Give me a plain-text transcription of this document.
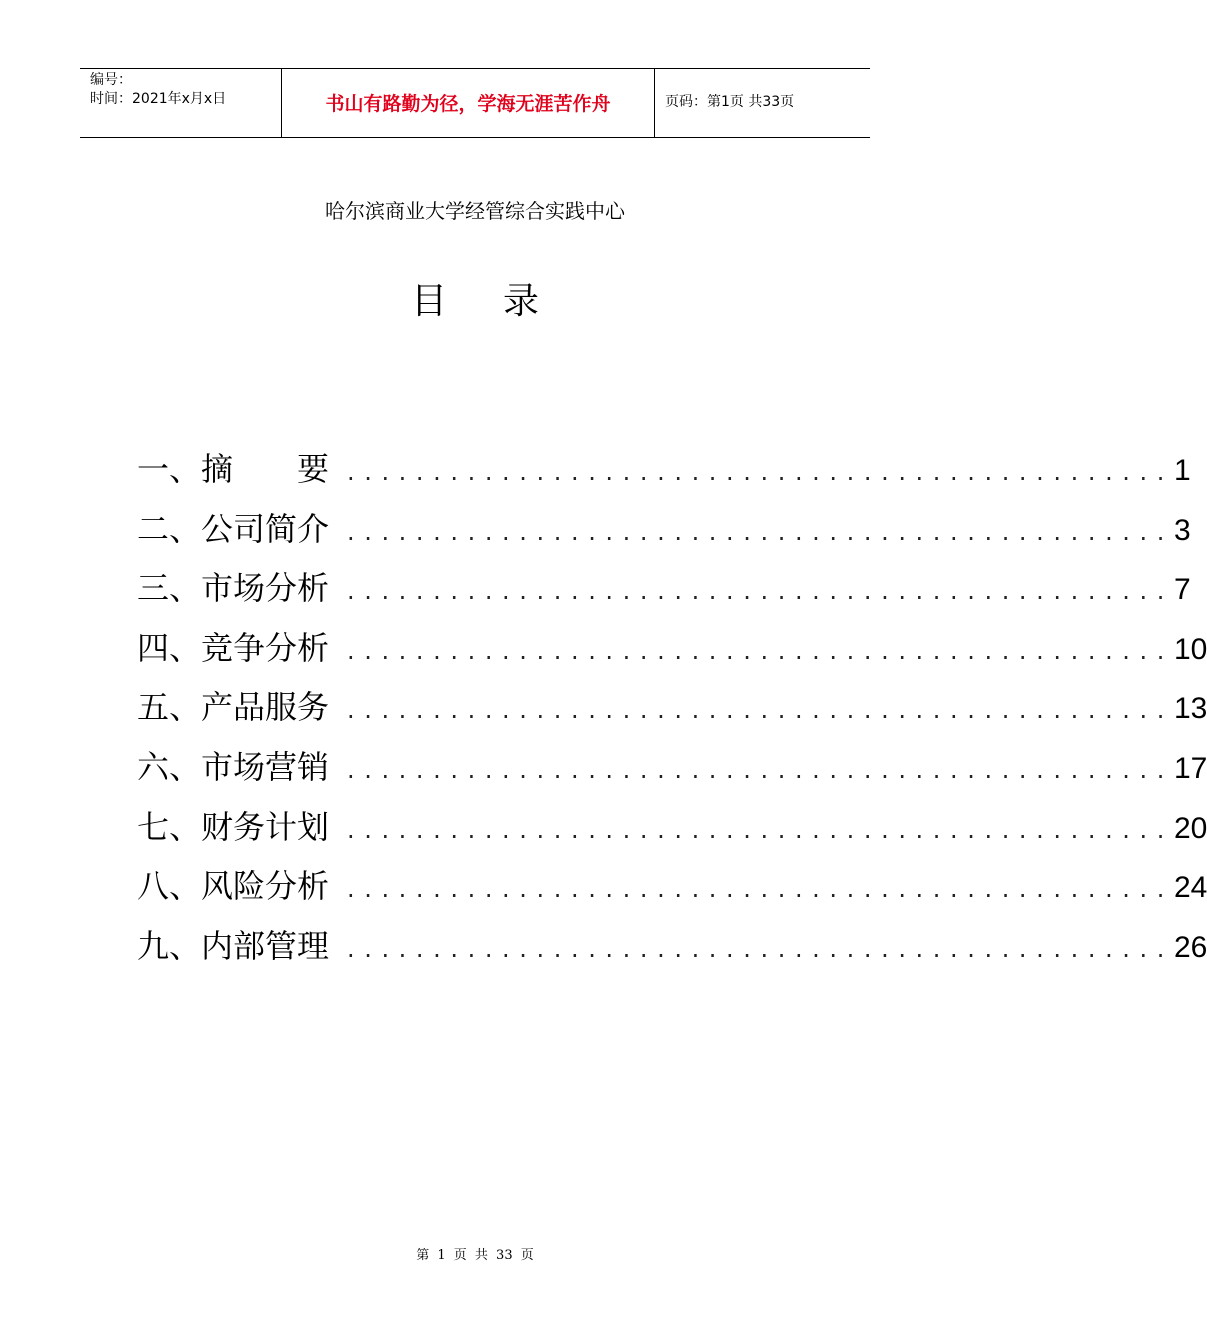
编号：
时间：2021年x月x日	书山有路勤为径，学海无涯苦作舟	页码：第1页 共33页
哈尔滨商业大学经管综合实践中心
目录
一、摘　　要 ................................................ 1
二、公司简介 ................................................ 3
三、市场分析 ................................................ 7
四、竞争分析 ................................................ 10
五、产品服务 ................................................ 13
六、市场营销 ................................................ 17
七、财务计划 ................................................ 20
八、风险分析 ................................................ 24
九、内部管理 ................................................ 26
第 1 页 共 33 页
